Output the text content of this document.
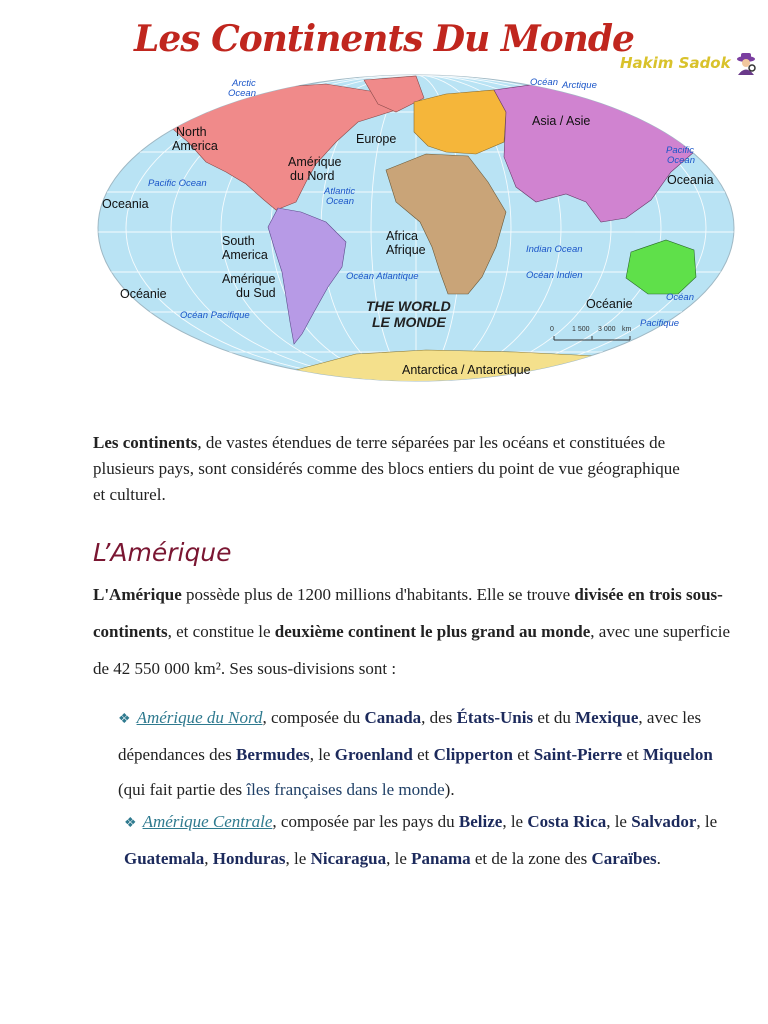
Les Continents Du Monde
Hakim Sadok
Arctic
Ocean
Océan Arctique
North
America	Europe
Asia / Asie
Amérique
du Nord
Pacific Ocean
Pacific
Ocean
Atlantic
Ocean
Oceania
Oceania
Africa
Afrique
South
America	Indian Ocean
Amérique
du Sud
Océan Atlantique	Océan Indien
Océanie
Océanie
Océan Pacifique
Océan
Pacifique
THE WORLD
LE MONDE	0	1 500 3 000 km
Antarctica / Antarctique

Les continents, de vastes étendues de terre séparées par les océans et constituées de plusieurs pays, sont considérés comme des blocs entiers du point de vue géographique et culturel.

L’Amérique

L'Amérique possède plus de 1200 millions d'habitants. Elle se trouve divisée en trois sous-continents, et constitue le deuxième continent le plus grand au monde, avec une superficie de 42 550 000 km². Ses sous-divisions sont :

❖ Amérique du Nord, composée du Canada, des États-Unis et du Mexique, avec les dépendances des Bermudes, le Groenland et Clipperton et Saint-Pierre et Miquelon (qui fait partie des îles françaises dans le monde).

❖ Amérique Centrale, composée par les pays du Belize, le Costa Rica, le Salvador, le Guatemala, Honduras, le Nicaragua, le Panama et de la zone des Caraïbes.
